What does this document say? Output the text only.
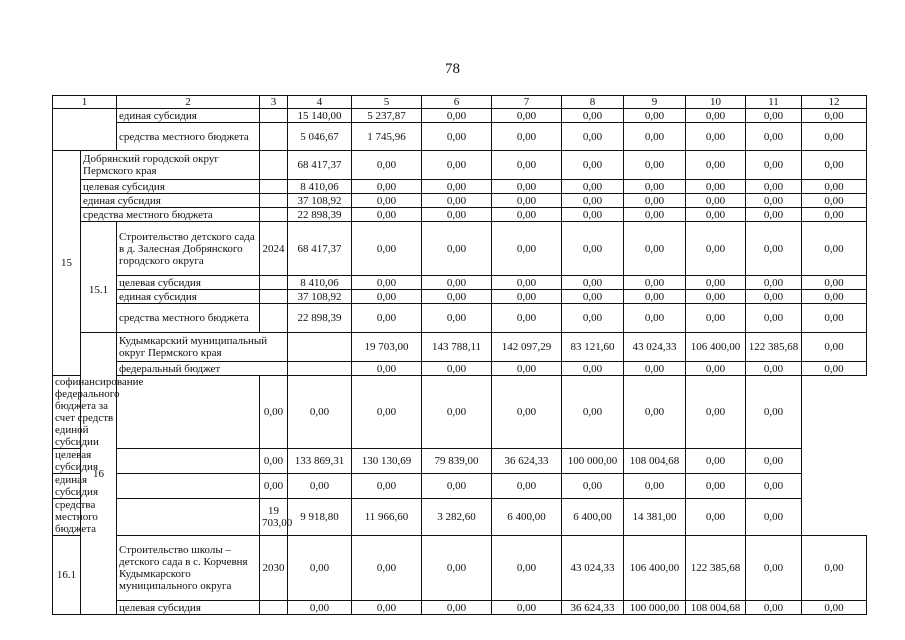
78
1		2	3	4	5	6	7	8	9	10	11	12	
		единая субсидия		15 140,00	5 237,87	0,00	0,00	0,00	0,00	0,00	0,00	0,00	
		средства местного бюджета		5 046,67	1 745,96	0,00	0,00	0,00	0,00	0,00	0,00	0,00	
15	Добрянский городской округ Пермского края			68 417,37	0,00	0,00	0,00	0,00	0,00	0,00	0,00	0,00	
	целевая субсидия			8 410,06	0,00	0,00	0,00	0,00	0,00	0,00	0,00	0,00	
	единая субсидия			37 108,92	0,00	0,00	0,00	0,00	0,00	0,00	0,00	0,00	
	средства местного бюджета			22 898,39	0,00	0,00	0,00	0,00	0,00	0,00	0,00	0,00	
	15.1	Строительство детского сада в д. Залесная Добрянского городского округа	2024	68 417,37	0,00	0,00	0,00	0,00	0,00	0,00	0,00	0,00	
		целевая субсидия		8 410,06	0,00	0,00	0,00	0,00	0,00	0,00	0,00	0,00	
		единая субсидия		37 108,92	0,00	0,00	0,00	0,00	0,00	0,00	0,00	0,00	
		средства местного бюджета		22 898,39	0,00	0,00	0,00	0,00	0,00	0,00	0,00	0,00	
	16	Кудымкарский муниципальный округ Пермского края			19 703,00	143 788,11	142 097,29	83 121,60	43 024,33	106 400,00	122 385,68	0,00	
		федеральный бюджет			0,00	0,00	0,00	0,00	0,00	0,00	0,00	0,00	
софинансирование федерального бюджета за счет средств единой субсидии			0,00	0,00	0,00	0,00	0,00	0,00	0,00	0,00	0,00		
целевая субсидия			0,00	133 869,31	130 130,69	79 839,00	36 624,33	100 000,00	108 004,68	0,00	0,00		
единая субсидия			0,00	0,00	0,00	0,00	0,00	0,00	0,00	0,00	0,00		
средства местного бюджета			19 703,00	9 918,80	11 966,60	3 282,60	6 400,00	6 400,00	14 381,00	0,00	0,00		
16.1		Строительство школы – детского сада в с. Корчевня Кудымкарского муниципального округа	2030	0,00	0,00	0,00	0,00	43 024,33	106 400,00	122 385,68	0,00	0,00	
		целевая субсидия		0,00	0,00	0,00	0,00	36 624,33	100 000,00	108 004,68	0,00	0,00	
